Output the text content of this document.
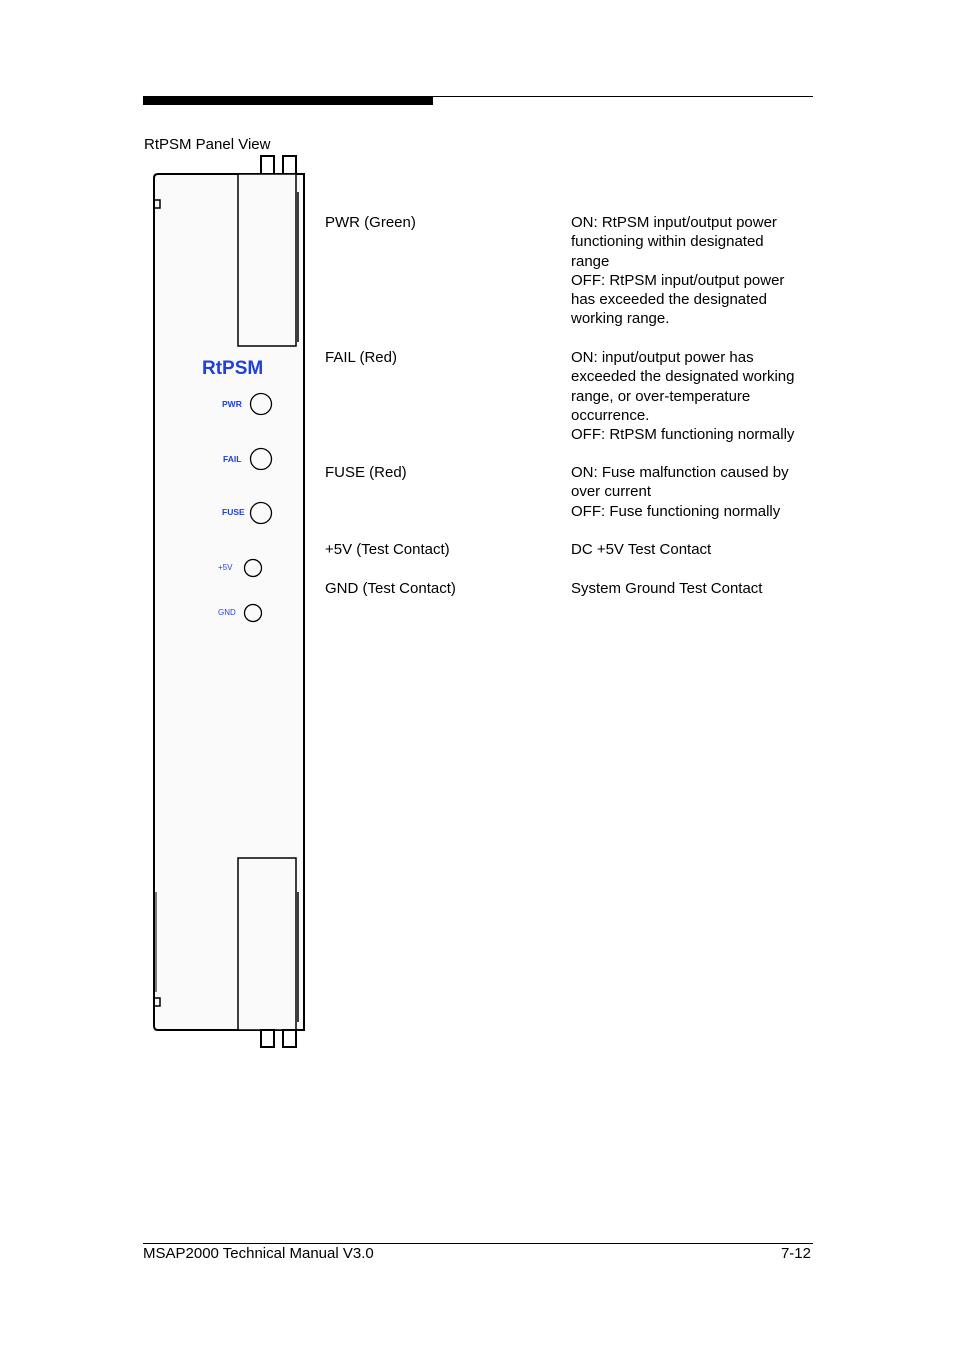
RtPSM Panel View
RtPSM
PWR
FAIL
FUSE
+5V
GND
PWR (Green)
FAIL (Red)
FUSE (Red)
+5V (Test Contact)
GND (Test Contact)
ON: RtPSM input/output power
functioning within designated
range
OFF: RtPSM input/output power
has exceeded the designated
working range.
ON: input/output power has
exceeded the designated working
range, or over-temperature
occurrence.
OFF: RtPSM functioning normally
ON: Fuse malfunction caused by
over current
OFF: Fuse functioning normally
DC +5V Test Contact
System Ground Test Contact
MSAP2000 Technical Manual V3.0	7-12
